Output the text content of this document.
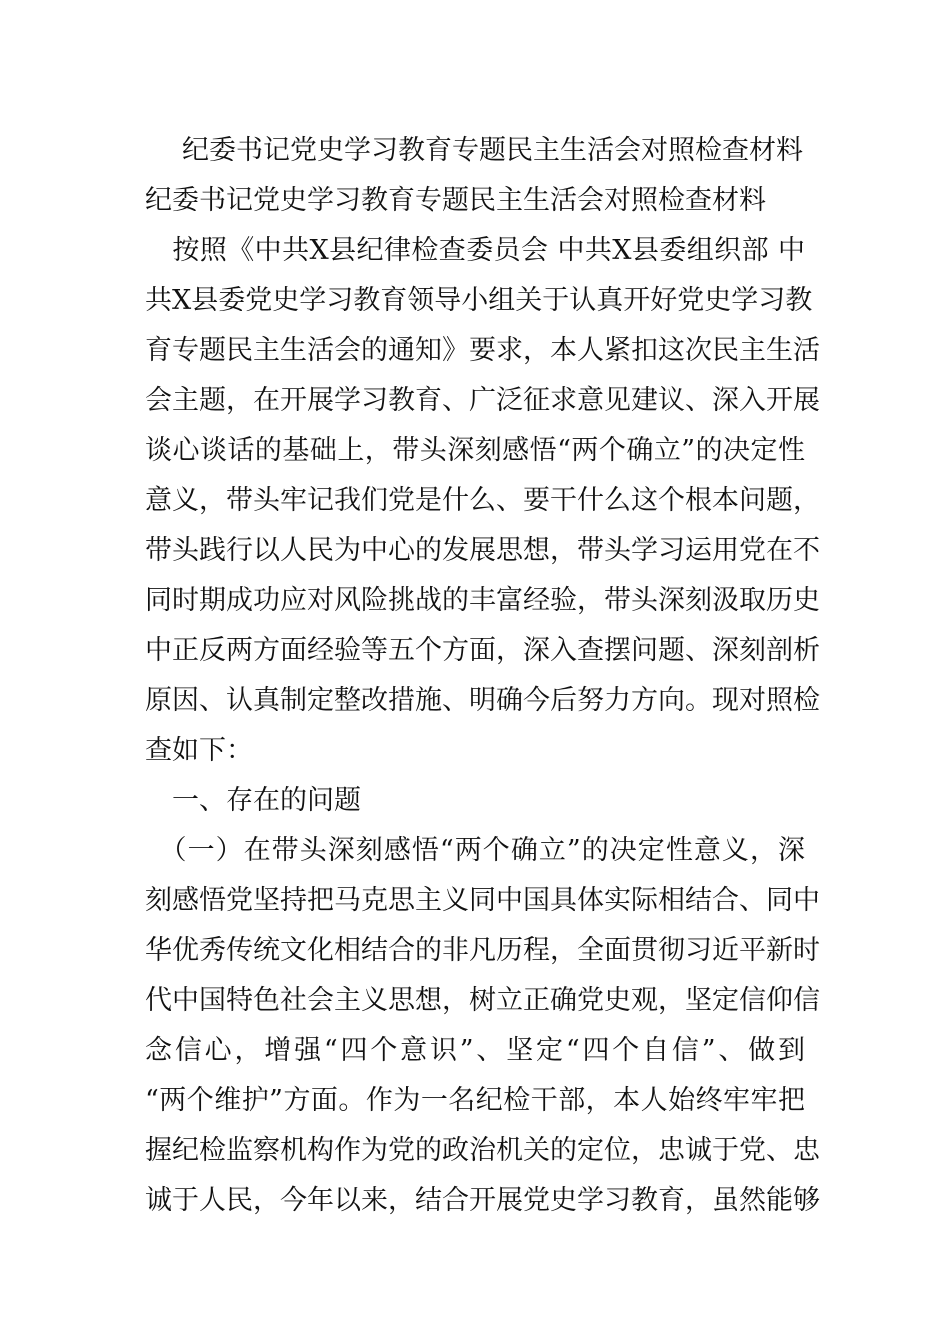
纪委书记党史学习教育专题民主生活会对照检查材料
纪委书记党史学习教育专题民主生活会对照检查材料
　按照《中共X县纪律检查委员会 中共X县委组织部 中
共X县委党史学习教育领导小组关于认真开好党史学习教
育专题民主生活会的通知》要求，本人紧扣这次民主生活
会主题，在开展学习教育、广泛征求意见建议、深入开展
谈心谈话的基础上，带头深刻感悟“两个确立”的决定性
意义，带头牢记我们党是什么、要干什么这个根本问题，
带头践行以人民为中心的发展思想，带头学习运用党在不
同时期成功应对风险挑战的丰富经验，带头深刻汲取历史
中正反两方面经验等五个方面，深入查摆问题、深刻剖析
原因、认真制定整改措施、明确今后努力方向。现对照检
查如下：
　一、存在的问题
　（一）在带头深刻感悟“两个确立”的决定性意义，深
刻感悟党坚持把马克思主义同中国具体实际相结合、同中
华优秀传统文化相结合的非凡历程，全面贯彻习近平新时
代中国特色社会主义思想，树立正确党史观，坚定信仰信
念信心，增强“四个意识”、坚定“四个自信”、做到
“两个维护”方面。作为一名纪检干部，本人始终牢牢把
握纪检监察机构作为党的政治机关的定位，忠诚于党、忠
诚于人民，今年以来，结合开展党史学习教育，虽然能够
